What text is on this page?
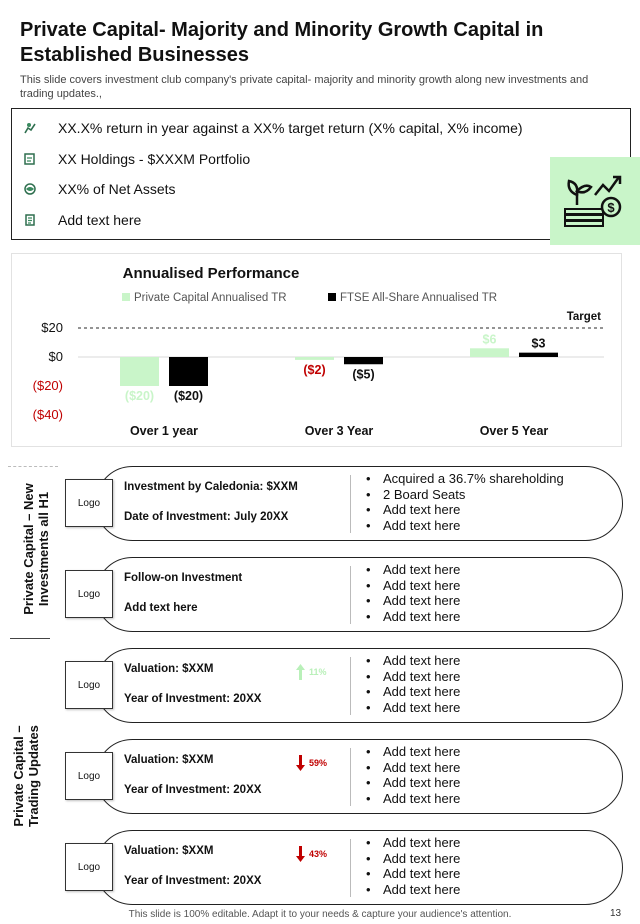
Private Capital- Majority and Minority Growth Capital in Established Businesses
This slide covers investment club company's private capital- majority and minority growth along new investments and trading updates.,
XX.X% return in year against a XX% target return (X% capital, X% income)
XX Holdings - $XXXM Portfolio
XX% of Net Assets
Add text here
$
Annualised Performance
Private Capital Annualised TR	FTSE All-Share Annualised TR
$20
$0
($20)
($40)
Target
($20) ($20)
Over 1 year
($2) ($5)
Over 3 Year
$6	$3
Over 5 Year
Private Capital – New Investments all H1
Private Capital – Trading Updates
Investment by Caledonia: $XXM
Date of Investment: July 20XX
• Acquired a 36.7% shareholding
• 2 Board Seats
• Add text here
• Add text here
Logo
Follow-on Investment
Add text here
• Add text here
• Add text here
• Add text here
• Add text here
Logo
Valuation: $XXM
Year of Investment: 20XX
11%
• Add text here
• Add text here
• Add text here
• Add text here
Logo
Valuation: $XXM
Year of Investment: 20XX
59%
• Add text here
• Add text here
• Add text here
• Add text here
Logo
Valuation: $XXM
Year of Investment: 20XX
43%
• Add text here
• Add text here
• Add text here
• Add text here
Logo
This slide is 100% editable. Adapt it to your needs & capture your audience's attention.	13
